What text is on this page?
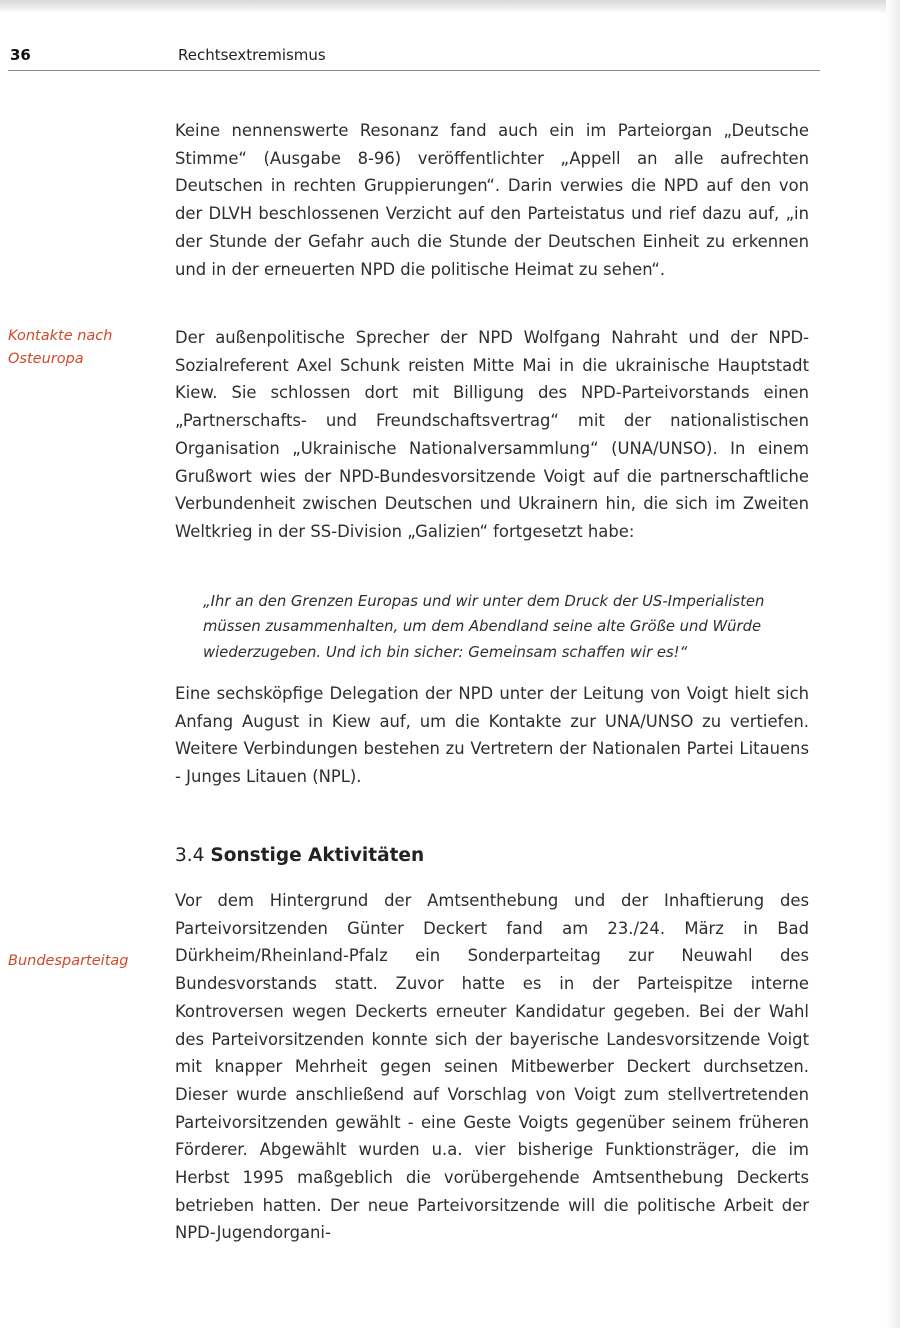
36	Rechtsextremismus

Keine nennenswerte Resonanz fand auch ein im Parteiorgan „Deutsche Stimme“ (Ausgabe 8-96) veröffentlichter „Appell an alle aufrechten Deutschen in rechten Gruppierungen“. Darin verwies die NPD auf den von der DLVH beschlossenen Verzicht auf den Parteistatus und rief dazu auf, „in der Stunde der Gefahr auch die Stunde der Deutschen Einheit zu erkennen und in der erneuerten NPD die politische Heimat zu sehen“.

Kontakte nach Osteuropa

Der außenpolitische Sprecher der NPD Wolfgang Nahraht und der NPD-Sozialreferent Axel Schunk reisten Mitte Mai in die ukrainische Hauptstadt Kiew. Sie schlossen dort mit Billigung des NPD-Parteivorstands einen „Partnerschafts- und Freundschaftsvertrag“ mit der nationalistischen Organisation „Ukrainische Nationalversammlung“ (UNA/UNSO). In einem Grußwort wies der NPD-Bundesvorsitzende Voigt auf die partnerschaftliche Verbundenheit zwischen Deutschen und Ukrainern hin, die sich im Zweiten Weltkrieg in der SS-Division „Galizien“ fortgesetzt habe:

„Ihr an den Grenzen Europas und wir unter dem Druck der US-Imperialisten müssen zusammenhalten, um dem Abendland seine alte Größe und Würde wiederzugeben. Und ich bin sicher: Gemeinsam schaffen wir es!“

Eine sechsköpfige Delegation der NPD unter der Leitung von Voigt hielt sich Anfang August in Kiew auf, um die Kontakte zur UNA/UNSO zu vertiefen. Weitere Verbindungen bestehen zu Vertretern der Nationalen Partei Litauens - Junges Litauen (NPL).

3.4 Sonstige Aktivitäten
Bundesparteitag

Vor dem Hintergrund der Amtsenthebung und der Inhaftierung des Parteivorsitzenden Günter Deckert fand am 23./24. März in Bad Dürkheim/Rheinland-Pfalz ein Sonderparteitag zur Neuwahl des Bundesvorstands statt. Zuvor hatte es in der Parteispitze interne Kontroversen wegen Deckerts erneuter Kandidatur gegeben. Bei der Wahl des Parteivorsitzenden konnte sich der bayerische Landesvorsitzende Voigt mit knapper Mehrheit gegen seinen Mitbewerber Deckert durchsetzen. Dieser wurde anschließend auf Vorschlag von Voigt zum stellvertretenden Parteivorsitzenden gewählt - eine Geste Voigts gegenüber seinem früheren Förderer. Abgewählt wurden u.a. vier bisherige Funktionsträger, die im Herbst 1995 maßgeblich die vorübergehende Amtsenthebung Deckerts betrieben hatten. Der neue Parteivorsitzende will die politische Arbeit der NPD-Jugendorgani-
